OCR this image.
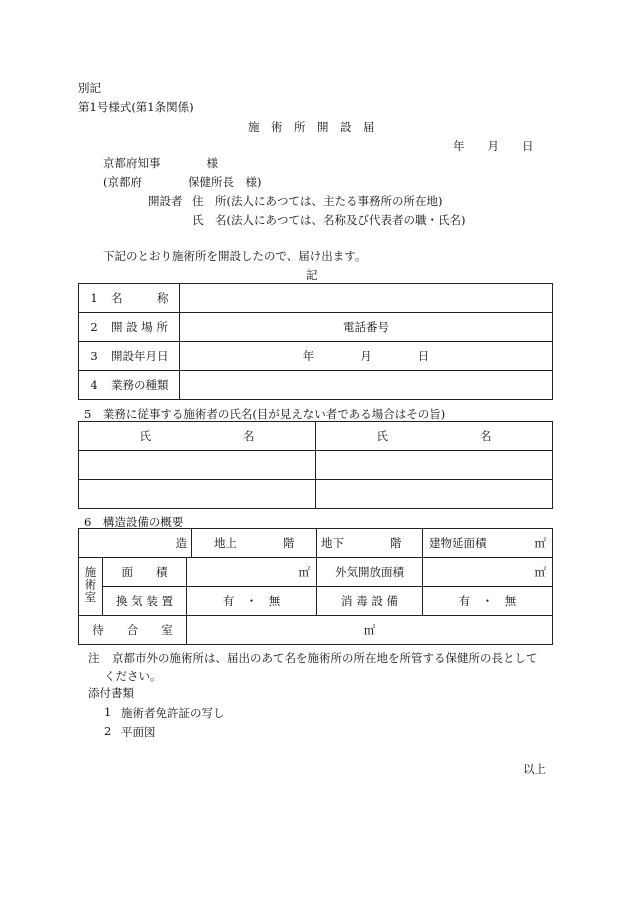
別記
第1号様式(第1条関係)
施　術　所　開　設　届
年　　月　　日
京都府知事　　　　様
(京都府　　　　保健所長　様)
開設者 住　所(法人にあつては、主たる事務所の所在地)
氏　名(法人にあつては、名称及び代表者の職・氏名)
下記のとおり施術所を開設したので、届け出ます。
記
1 名　　　称	

2 開 設 場 所	電話番号

3 開設年月日	年　　　　月　　　　日

4 業務の種類	

5　業務に従事する施術者の氏名(目が見えない者である場合はその旨)
氏　　　　　　　　名	氏　　　　　　　　名

6　構造設備の概要
造 地上　　　　階			地下　　　　階	建物延面積 ㎡

施術室	面　　積	㎡	外気開放面積	㎡
	換 気 装 置	有　・　無	消 毒 設 備	有　・　無
待　　合　　室		㎡		
注 京都市外の施術所は、届出のあて名を施術所の所在地を所管する保健所の長として
ください。
添付書類
1 施術者免許証の写し
2 平面図
以上
